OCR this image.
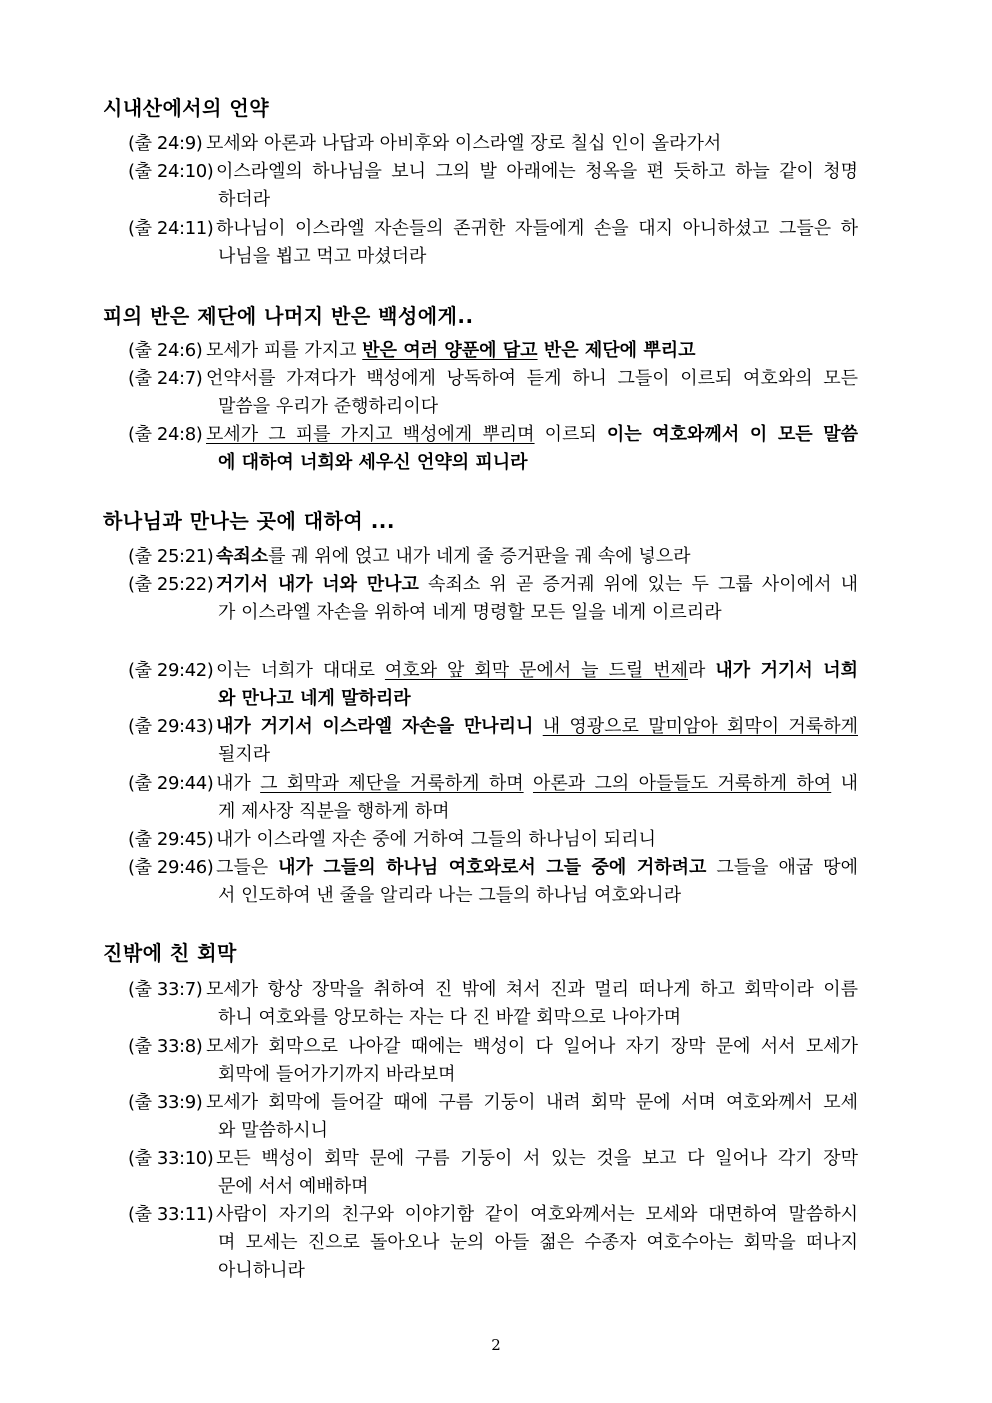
시내산에서의 언약
(출 24:9) 모세와 아론과 나답과 아비후와 이스라엘 장로 칠십 인이 올라가서
(출 24:10) 이스라엘의 하나님을 보니 그의 발 아래에는 청옥을 편 듯하고 하늘 같이 청명
하더라
(출 24:11) 하나님이 이스라엘 자손들의 존귀한 자들에게 손을 대지 아니하셨고 그들은 하
나님을 뵙고 먹고 마셨더라
피의 반은 제단에 나머지 반은 백성에게..
(출 24:6) 모세가 피를 가지고 반은 여러 양푼에 담고 반은 제단에 뿌리고
(출 24:7) 언약서를 가져다가 백성에게 낭독하여 듣게 하니 그들이 이르되 여호와의 모든
말씀을 우리가 준행하리이다
(출 24:8) 모세가 그 피를 가지고 백성에게 뿌리며 이르되 이는 여호와께서 이 모든 말씀
에 대하여 너희와 세우신 언약의 피니라
하나님과 만나는 곳에 대하여 ...
(출 25:21) 속죄소를 궤 위에 얹고 내가 네게 줄 증거판을 궤 속에 넣으라
(출 25:22) 거기서 내가 너와 만나고 속죄소 위 곧 증거궤 위에 있는 두 그룹 사이에서 내
가 이스라엘 자손을 위하여 네게 명령할 모든 일을 네게 이르리라
(출 29:42) 이는 너희가 대대로 여호와 앞 회막 문에서 늘 드릴 번제라 내가 거기서 너희
와 만나고 네게 말하리라
(출 29:43) 내가 거기서 이스라엘 자손을 만나리니 내 영광으로 말미암아 회막이 거룩하게
될지라
(출 29:44) 내가 그 회막과 제단을 거룩하게 하며 아론과 그의 아들들도 거룩하게 하여 내
게 제사장 직분을 행하게 하며
(출 29:45) 내가 이스라엘 자손 중에 거하여 그들의 하나님이 되리니
(출 29:46) 그들은 내가 그들의 하나님 여호와로서 그들 중에 거하려고 그들을 애굽 땅에
서 인도하여 낸 줄을 알리라 나는 그들의 하나님 여호와니라
진밖에 친 회막
(출 33:7) 모세가 항상 장막을 취하여 진 밖에 쳐서 진과 멀리 떠나게 하고 회막이라 이름
하니 여호와를 앙모하는 자는 다 진 바깥 회막으로 나아가며
(출 33:8) 모세가 회막으로 나아갈 때에는 백성이 다 일어나 자기 장막 문에 서서 모세가
회막에 들어가기까지 바라보며
(출 33:9) 모세가 회막에 들어갈 때에 구름 기둥이 내려 회막 문에 서며 여호와께서 모세
와 말씀하시니
(출 33:10) 모든 백성이 회막 문에 구름 기둥이 서 있는 것을 보고 다 일어나 각기 장막
문에 서서 예배하며
(출 33:11) 사람이 자기의 친구와 이야기함 같이 여호와께서는 모세와 대면하여 말씀하시
며 모세는 진으로 돌아오나 눈의 아들 젊은 수종자 여호수아는 회막을 떠나지
아니하니라
2
